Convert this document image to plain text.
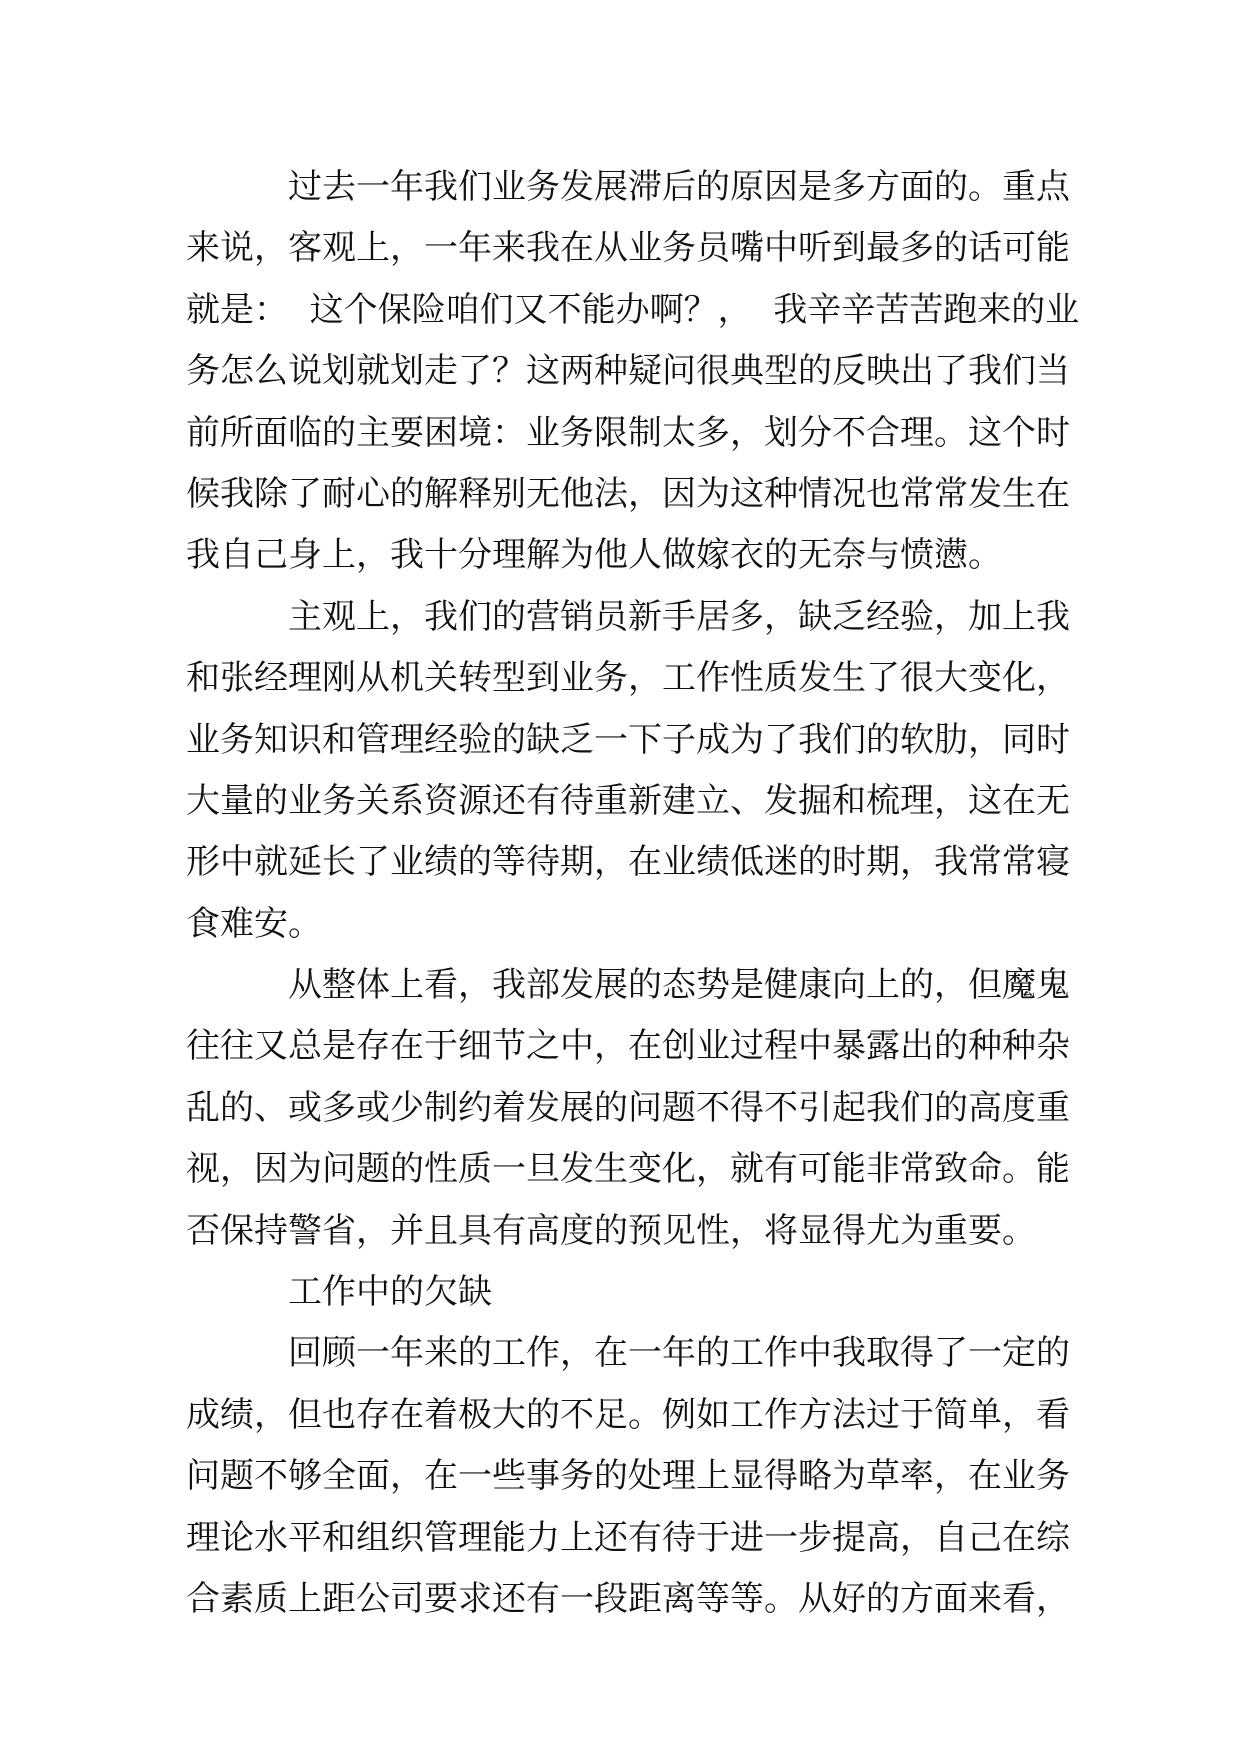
过去一年我们业务发展滞后的原因是多方面的。重点
来说，客观上，一年来我在从业务员嘴中听到最多的话可能
就是：  这个保险咱们又不能办啊？，  我辛辛苦苦跑来的业
务怎么说划就划走了？这两种疑问很典型的反映出了我们当
前所面临的主要困境：业务限制太多，划分不合理。这个时
候我除了耐心的解释别无他法，因为这种情况也常常发生在
我自己身上，我十分理解为他人做嫁衣的无奈与愤懑。
主观上，我们的营销员新手居多，缺乏经验，加上我
和张经理刚从机关转型到业务，工作性质发生了很大变化，
业务知识和管理经验的缺乏一下子成为了我们的软肋，同时
大量的业务关系资源还有待重新建立、发掘和梳理，这在无
形中就延长了业绩的等待期，在业绩低迷的时期，我常常寝
食难安。
从整体上看，我部发展的态势是健康向上的，但魔鬼
往往又总是存在于细节之中，在创业过程中暴露出的种种杂
乱的、或多或少制约着发展的问题不得不引起我们的高度重
视，因为问题的性质一旦发生变化，就有可能非常致命。能
否保持警省，并且具有高度的预见性，将显得尤为重要。
工作中的欠缺
回顾一年来的工作，在一年的工作中我取得了一定的
成绩，但也存在着极大的不足。例如工作方法过于简单，看
问题不够全面，在一些事务的处理上显得略为草率，在业务
理论水平和组织管理能力上还有待于进一步提高，自己在综
合素质上距公司要求还有一段距离等等。从好的方面来看，
